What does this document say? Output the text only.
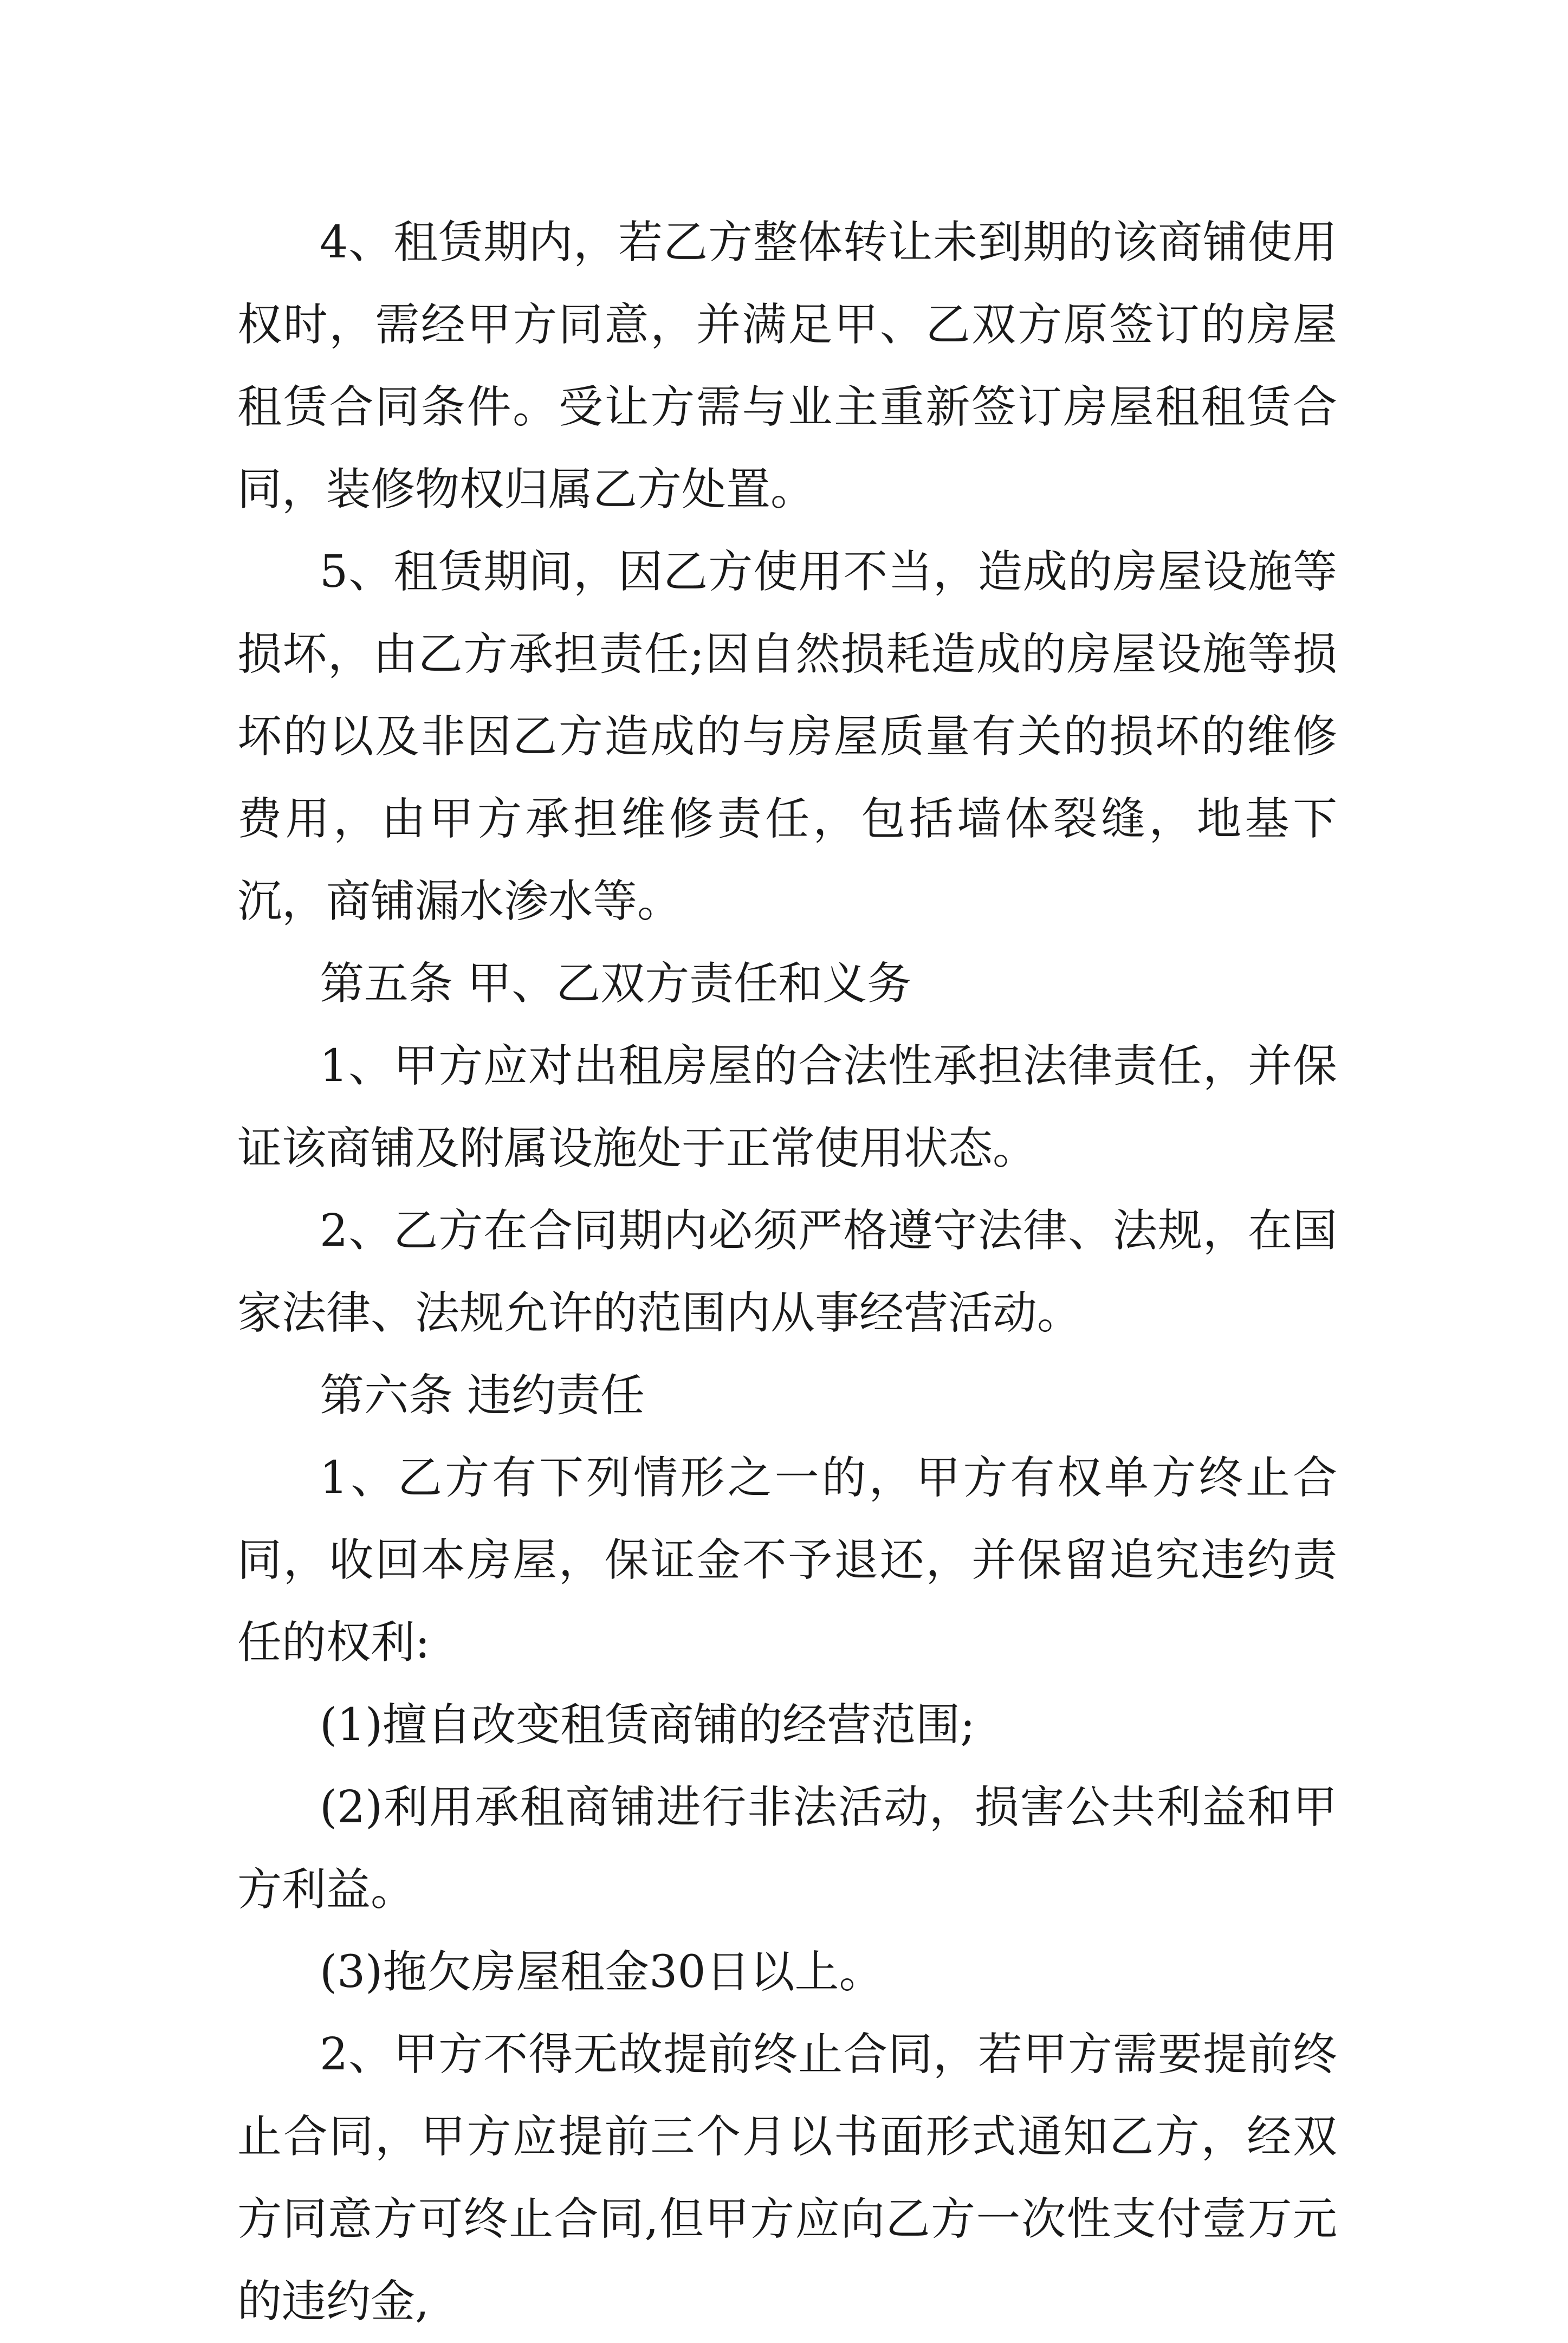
4、租赁期内，若乙方整体转让未到期的该商铺使用权时，需经甲方同意，并满足甲、乙双方原签订的房屋租赁合同条件。受让方需与业主重新签订房屋租租赁合同，装修物权归属乙方处置。

5、租赁期间，因乙方使用不当，造成的房屋设施等损坏，由乙方承担责任;因自然损耗造成的房屋设施等损坏的以及非因乙方造成的与房屋质量有关的损坏的维修费用，由甲方承担维修责任，包括墙体裂缝，地基下沉，商铺漏水渗水等。

第五条 甲、乙双方责任和义务

1、甲方应对出租房屋的合法性承担法律责任，并保证该商铺及附属设施处于正常使用状态。

2、乙方在合同期内必须严格遵守法律、法规，在国家法律、法规允许的范围内从事经营活动。

第六条 违约责任

1、乙方有下列情形之一的，甲方有权单方终止合同，收回本房屋，保证金不予退还，并保留追究违约责任的权利:

(1)擅自改变租赁商铺的经营范围;

(2)利用承租商铺进行非法活动，损害公共利益和甲方利益。

(3)拖欠房屋租金30日以上。

2、甲方不得无故提前终止合同，若甲方需要提前终止合同，甲方应提前三个月以书面形式通知乙方，经双方同意方可终止合同,但甲方应向乙方一次性支付壹万元的违约金,
